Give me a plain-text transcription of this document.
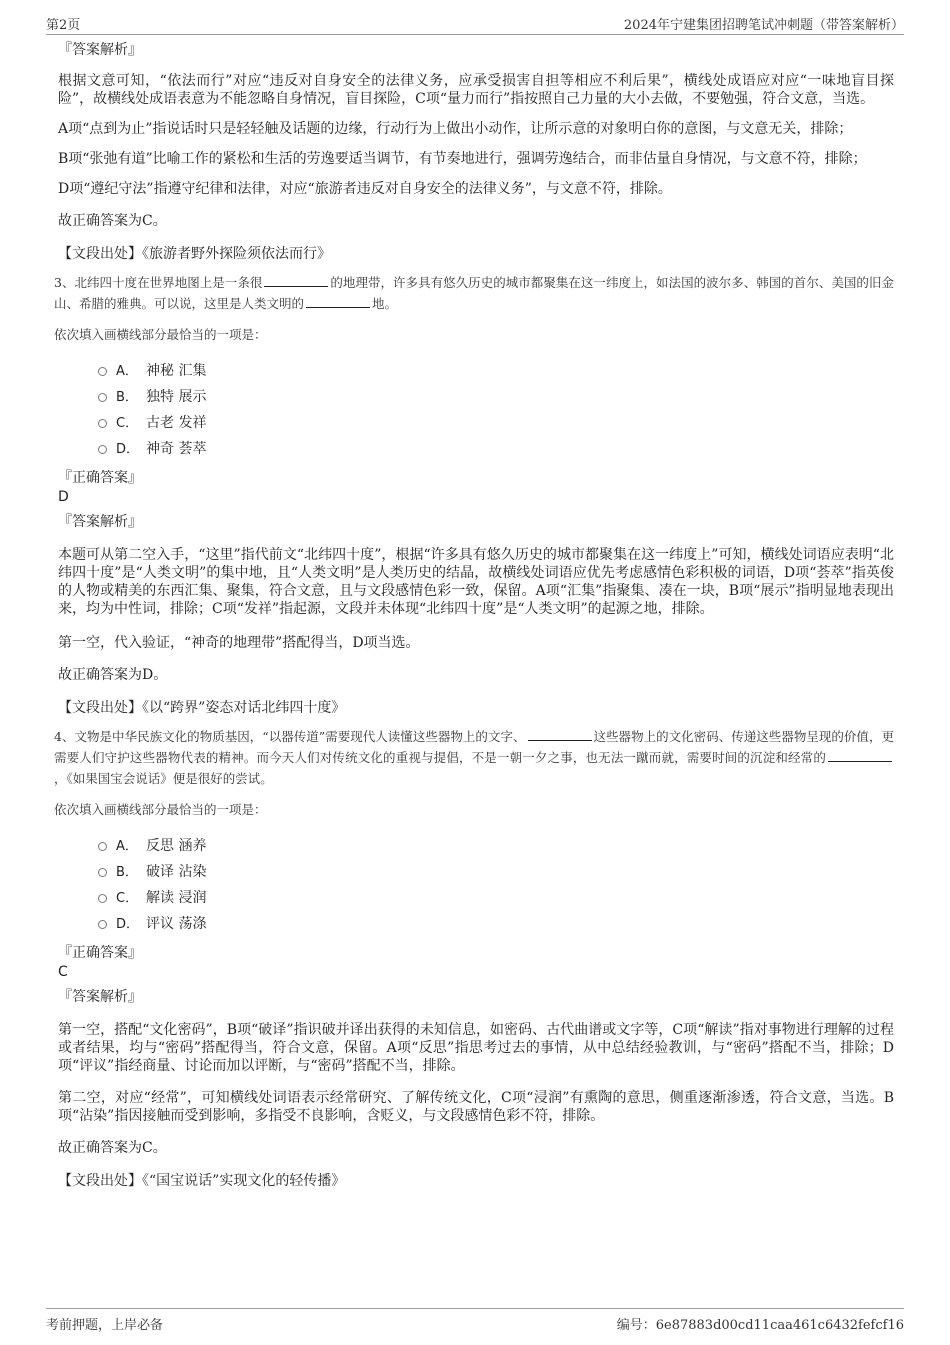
第2页	2024年宁建集团招聘笔试冲刺题（带答案解析）

『答案解析』

根据文意可知，“依法而行”对应“违反对自身安全的法律义务，应承受损害自担等相应不利后果”，横线处成语应对应“一味地盲目探险”，故横线处成语表意为不能忽略自身情况，盲目探险，C项“量力而行”指按照自己力量的大小去做，不要勉强，符合文意，当选。

A项“点到为止”指说话时只是轻轻触及话题的边缘，行动行为上做出小动作，让所示意的对象明白你的意图，与文意无关，排除；

B项“张弛有道”比喻工作的紧松和生活的劳逸要适当调节，有节奏地进行，强调劳逸结合，而非估量自身情况，与文意不符，排除；

D项“遵纪守法”指遵守纪律和法律，对应“旅游者违反对自身安全的法律义务”，与文意不符，排除。

故正确答案为C。

【文段出处】《旅游者野外探险须依法而行》

3、北纬四十度在世界地图上是一条很	的地理带，许多具有悠久历史的城市都聚集在这一纬度上，如法国的波尔多、韩国的首尔、美国的旧金山、希腊的雅典。可以说，这里是人类文明的	地。

依次填入画横线部分最恰当的一项是：

A． 神秘 汇集
B． 独特 展示
C． 古老 发祥
D． 神奇 荟萃

『正确答案』

D

『答案解析』

本题可从第二空入手，“这里”指代前文“北纬四十度”，根据“许多具有悠久历史的城市都聚集在这一纬度上”可知，横线处词语应表明“北纬四十度”是“人类文明”的集中地，且“人类文明”是人类历史的结晶，故横线处词语应优先考虑感情色彩积极的词语，D项“荟萃”指英俊的人物或精美的东西汇集、聚集，符合文意，且与文段感情色彩一致，保留。A项“汇集”指聚集、凑在一块，B项“展示”指明显地表现出来，均为中性词，排除；C项“发祥”指起源，文段并未体现“北纬四十度”是“人类文明”的起源之地，排除。

第一空，代入验证，“神奇的地理带”搭配得当，D项当选。

故正确答案为D。

【文段出处】《以“跨界”姿态对话北纬四十度》

4、文物是中华民族文化的物质基因，“以器传道”需要现代人读懂这些器物上的文字、	这些器物上的文化密码、传递这些器物呈现的价值，更需要人们守护这些器物代表的精神。而今天人们对传统文化的重视与提倡，不是一朝一夕之事，也无法一蹴而就，需要时间的沉淀和经常的，《如果国宝会说话》便是很好的尝试。

依次填入画横线部分最恰当的一项是：

A． 反思 涵养
B． 破译 沾染
C． 解读 浸润
D． 评议 荡涤

『正确答案』

C

『答案解析』

第一空，搭配“文化密码”，B项“破译”指识破并译出获得的未知信息，如密码、古代曲谱或文字等，C项“解读”指对事物进行理解的过程或者结果，均与“密码”搭配得当，符合文意，保留。A项“反思”指思考过去的事情，从中总结经验教训，与“密码”搭配不当，排除；D项“评议”指经商量、讨论而加以评断，与“密码”搭配不当，排除。

第二空，对应“经常”，可知横线处词语表示经常研究、了解传统文化，C项“浸润”有熏陶的意思，侧重逐渐渗透，符合文意，当选。B项“沾染”指因接触而受到影响，多指受不良影响，含贬义，与文段感情色彩不符，排除。

故正确答案为C。

【文段出处】《“国宝说话”实现文化的轻传播》

考前押题，上岸必备	编号：6e87883d00cd11caa461c6432fefcf16
